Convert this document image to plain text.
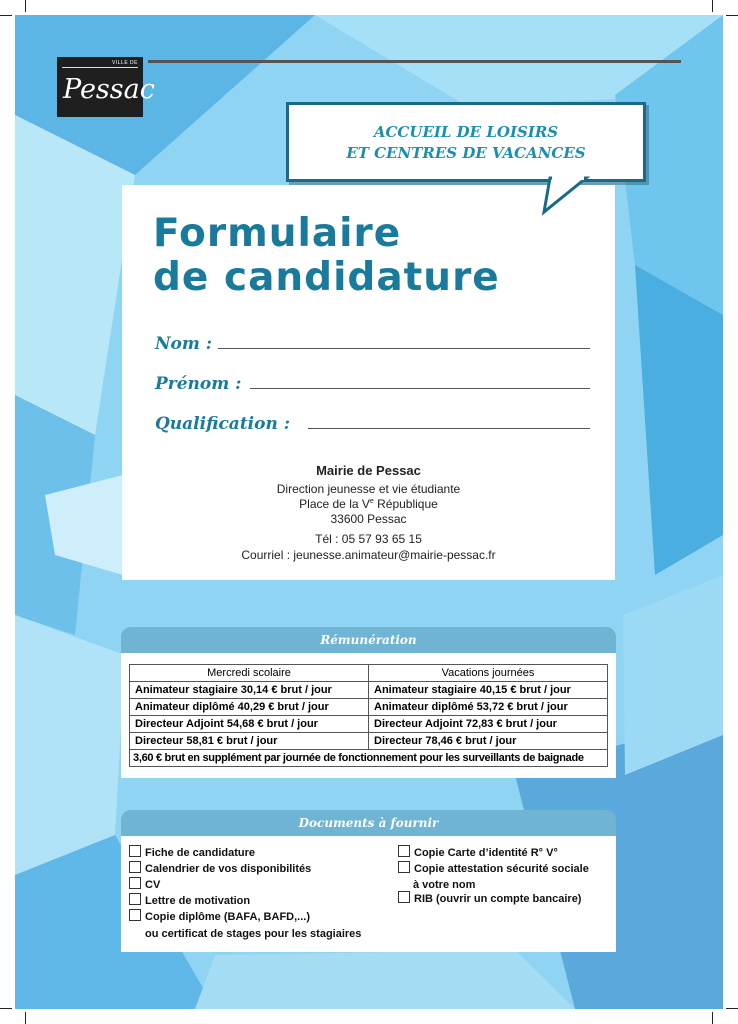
VILLE DE
Pessac
ACCUEIL DE LOISIRS
ET CENTRES DE VACANCES
Formulaire
de candidature
Nom :
Prénom :
Qualification :
Mairie de Pessac
Direction jeunesse et vie étudiante
Place de la Ve République
33600 Pessac
Tél : 05 57 93 65 15
Courriel : jeunesse.animateur@mairie-pessac.fr
Rémunération
Mercredi scolaire	Vacations journées
Animateur stagiaire 30,14 € brut / jour	Animateur stagiaire 40,15 € brut / jour
Animateur diplômé 40,29 € brut / jour	Animateur diplômé 53,72 € brut / jour
Directeur Adjoint 54,68 € brut / jour	Directeur Adjoint 72,83 € brut / jour
Directeur 58,81 € brut / jour	Directeur 78,46 € brut / jour
3,60 € brut en supplément par journée de fonctionnement pour les surveillants de baignade	
Documents à fournir
Fiche de candidature
Calendrier de vos disponibilités
CV
Lettre de motivation
Copie diplôme (BAFA, BAFD,...)
ou certificat de stages pour les stagiaires
Copie Carte d’identité R° V°
Copie attestation sécurité sociale
à votre nom
RIB (ouvrir un compte bancaire)
